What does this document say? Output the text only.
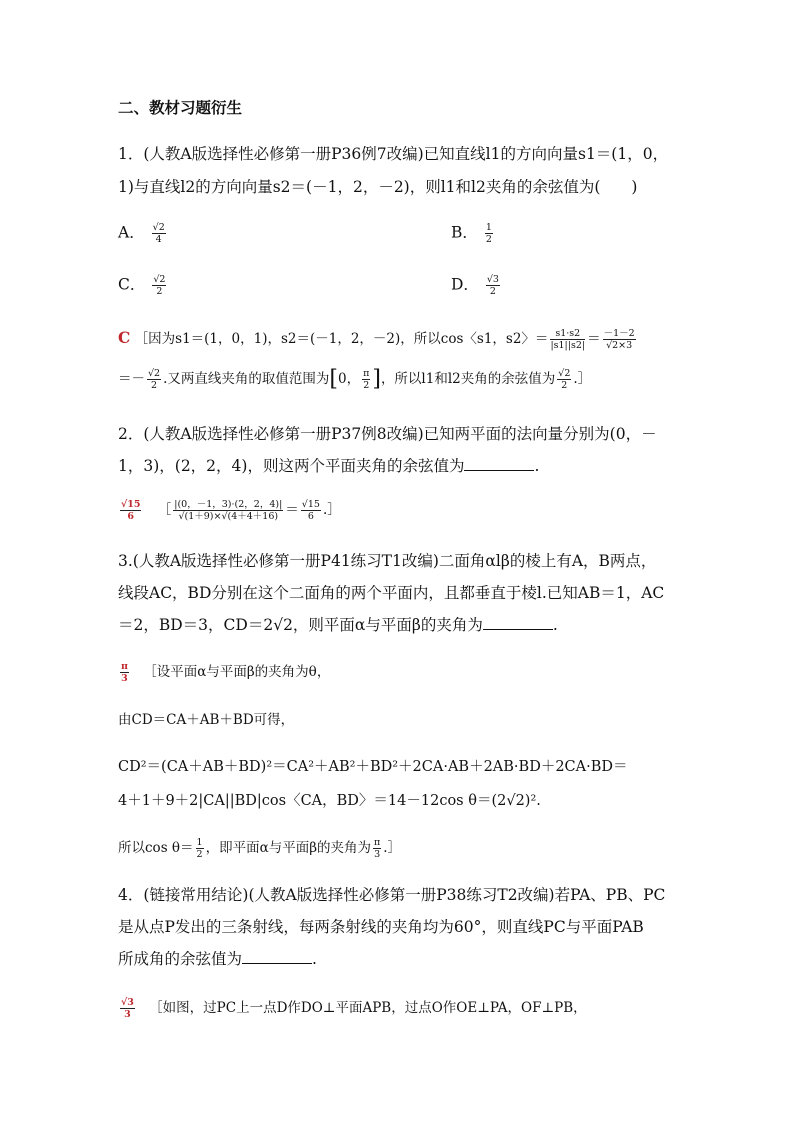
二、教材习题衍生
1．(人教A版选择性必修第一册P36例7改编)已知直线l1的方向向量s1＝(1，0，
1)与直线l2的方向向量s2＝(－1，2，－2)，则l1和l2夹角的余弦值为(　　)
A． $\frac{√2}{4}$	B． $\frac{1}{2}$
C． $\frac{√2}{2}$	D． $\frac{√3}{2}$
C ［因为s1＝(1，0，1)，s2＝(－1，2，－2)，所以cos〈s1，s2〉＝ $\frac{s1\cdot s2}{|s1||s2|} = \frac{-1-2}{√2\times 3}$
＝－ $\frac{√2}{2}$ .又两直线夹角的取值范围为[0， $\frac{\pi}{2}$ ]，所以l1和l2夹角的余弦值为 $\frac{√2}{2}$ .］
2．(人教A版选择性必修第一册P37例8改编)已知两平面的法向量分别为(0，－
1，3)，(2，2，4)，则这两个平面夹角的余弦值为	.
$\frac{√15}{6}$ ［ $\frac{|(0,-1,3)\cdot(2,2,4)|}{√(1+9)\times√(4+4+16)} = \frac{√15}{6}$ .］
3.(人教A版选择性必修第一册P41练习T1改编)二面角αlβ的棱上有A，B两点，
线段AC，BD分别在这个二面角的两个平面内，且都垂直于棱l.已知AB＝1，AC
＝2，BD＝3，CD＝2√2，则平面α与平面β的夹角为	.
$\frac{\pi}{3}$ ［设平面α与平面β的夹角为θ，
由CD＝CA＋AB＋BD可得，
CD²＝(CA＋AB＋BD)²＝CA²＋AB²＋BD²＋2CA·AB＋2AB·BD＋2CA·BD＝
4＋1＋9＋2|CA||BD|cos〈CA，BD〉＝14－12cos θ＝(2√2)².
所以$\cos \theta= \frac{1}{2}$ ，即平面α与平面β的夹角为 $\frac{\pi}{3}$ .］
4．(链接常用结论)(人教A版选择性必修第一册P38练习T2改编)若PA、PB、PC
是从点P发出的三条射线，每两条射线的夹角均为60°，则直线PC与平面PAB
所成角的余弦值为	.
$\frac{√3}{3}$ ［如图，过PC上一点D作DO⊥平面APB，过点O作OE⊥PA，OF⊥PB，
